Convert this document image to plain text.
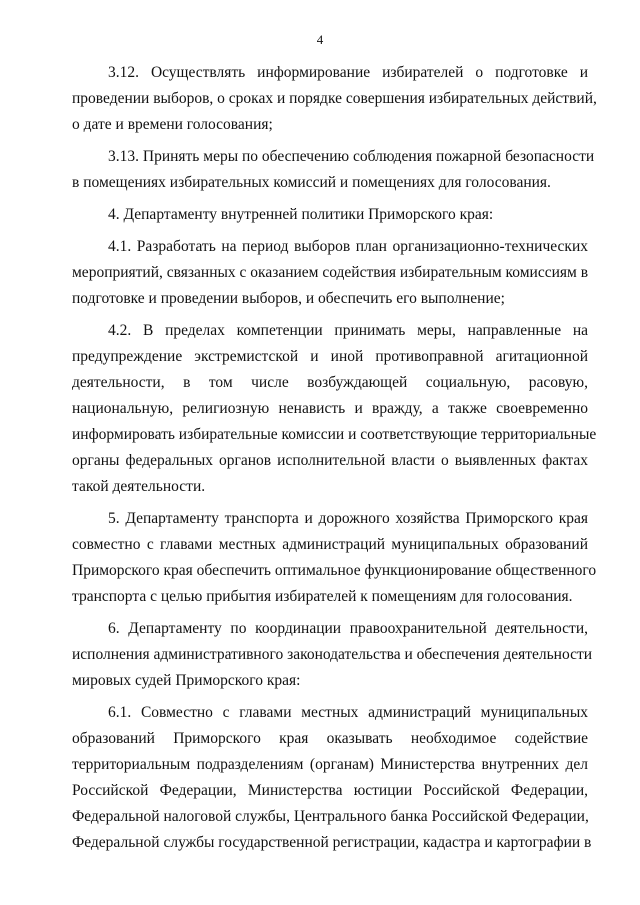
4
3.12. Осуществлять информирование избирателей о подготовке и
проведении выборов, о сроках и порядке совершения избирательных действий,
о дате и времени голосования;
3.13. Принять меры по обеспечению соблюдения пожарной безопасности
в помещениях избирательных комиссий и помещениях для голосования.
4. Департаменту внутренней политики Приморского края:
4.1. Разработать на период выборов план организационно-технических
мероприятий, связанных с оказанием содействия избирательным комиссиям в
подготовке и проведении выборов, и обеспечить его выполнение;
4.2. В пределах компетенции принимать меры, направленные на
предупреждение экстремистской и иной противоправной агитационной
деятельности, в том числе возбуждающей социальную, расовую,
национальную, религиозную ненависть и вражду, а также своевременно
информировать избирательные комиссии и соответствующие территориальные
органы федеральных органов исполнительной власти о выявленных фактах
такой деятельности.
5. Департаменту транспорта и дорожного хозяйства Приморского края
совместно с главами местных администраций муниципальных образований
Приморского края обеспечить оптимальное функционирование общественного
транспорта с целью прибытия избирателей к помещениям для голосования.
6. Департаменту по координации правоохранительной деятельности,
исполнения административного законодательства и обеспечения деятельности
мировых судей Приморского края:
6.1. Совместно с главами местных администраций муниципальных
образований Приморского края оказывать необходимое содействие
территориальным подразделениям (органам) Министерства внутренних дел
Российской Федерации, Министерства юстиции Российской Федерации,
Федеральной налоговой службы, Центрального банка Российской Федерации,
Федеральной службы государственной регистрации, кадастра и картографии в
